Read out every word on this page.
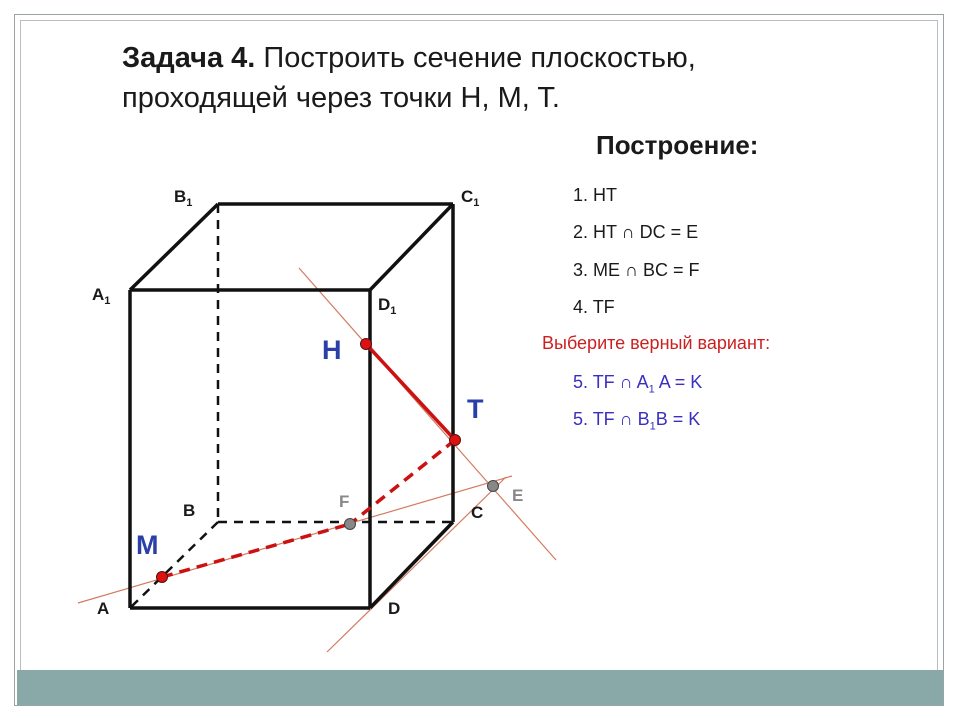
Задача 4. Построить сечение плоскостью,
проходящей через точки H, M, T.
Построение:
1. HT
2. HT ∩ DC = E
3. ME ∩ BC = F
4. TF
Выберите верный вариант:
5. TF ∩ $A_1$ A = K
5. TF ∩ $B_1B = K$
$B_1$	$C_1$
$A_1$	$D_1$
B	C
A	D
H
T
M
F	E
